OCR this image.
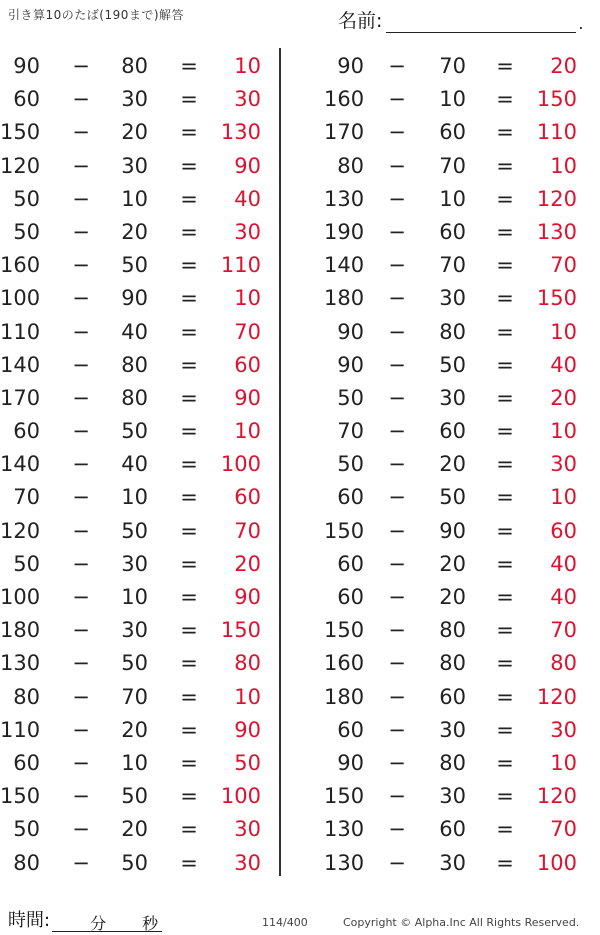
引き算10のたば(190まで)解答	名前:	.
90 − 80 =	10
60 − 30 =	30
150 − 20 = 130
120 − 30 =	90
50 − 10 =	40
50 − 20 =	30
160 − 50 = 110
100 − 90 =	10
110 − 40 =	70
140 − 80 =	60
170 − 80 =	90
60 − 50 =	10
140 − 40 = 100
70 − 10 =	60
120 − 50 =	70
50 − 30 =	20
100 − 10 =	90
180 − 30 = 150
130 − 50 =	80
80 − 70 =	10
110 − 20 =	90
60 − 10 =	50
150 − 50 = 100
50 − 20 =	30
80 − 50 =	30
90 − 70 =	20
160 − 10 = 150
170 − 60 = 110
80 − 70 =	10
130 − 10 = 120
190 − 60 = 130
140 − 70 =	70
180 − 30 = 150
90 − 80 =	10
90 − 50 =	40
50 − 30 =	20
70 − 60 =	10
50 − 20 =	30
60 − 50 =	10
150 − 90 =	60
60 − 20 =	40
60 − 20 =	40
150 − 80 =	70
160 − 80 =	80
180 − 60 = 120
60 − 30 =	30
90 − 80 =	10
150 − 30 = 120
130 − 60 =	70
130 − 30 = 100
時間:	分 秒	114/400	Copyright © Alpha.Inc All Rights Reserved.
